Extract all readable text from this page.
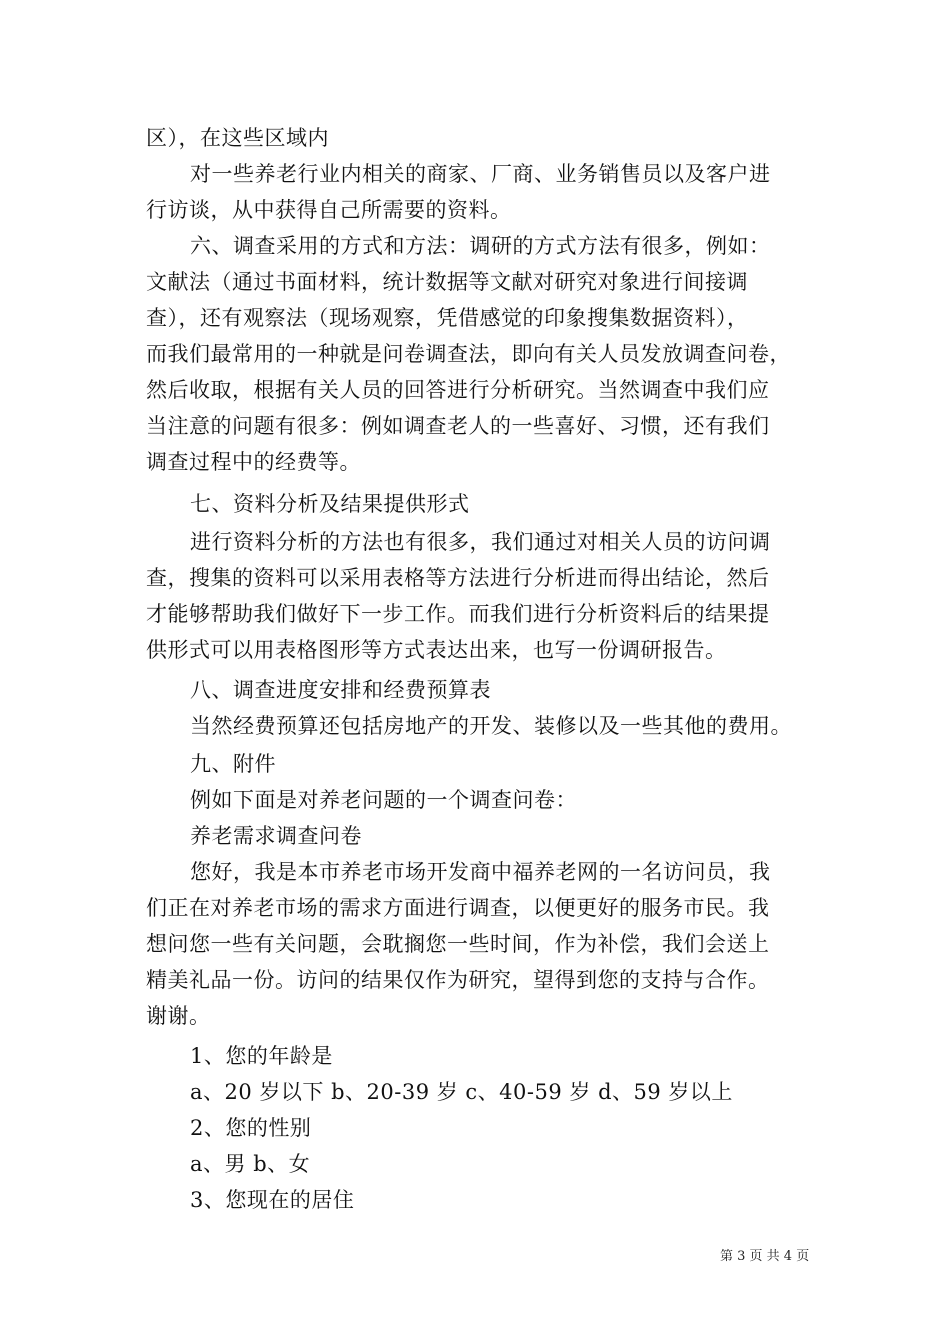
区），在这些区域内
对一些养老行业内相关的商家、厂商、业务销售员以及客户进
行访谈，从中获得自己所需要的资料。
六、调查采用的方式和方法：调研的方式方法有很多，例如：
文献法（通过书面材料，统计数据等文献对研究对象进行间接调
查），还有观察法（现场观察，凭借感觉的印象搜集数据资料），
而我们最常用的一种就是问卷调查法，即向有关人员发放调查问卷，
然后收取，根据有关人员的回答进行分析研究。当然调查中我们应
当注意的问题有很多：例如调查老人的一些喜好、习惯，还有我们
调查过程中的经费等。
七、资料分析及结果提供形式
进行资料分析的方法也有很多，我们通过对相关人员的访问调
查，搜集的资料可以采用表格等方法进行分析进而得出结论，然后
才能够帮助我们做好下一步工作。而我们进行分析资料后的结果提
供形式可以用表格图形等方式表达出来，也写一份调研报告。
八、调查进度安排和经费预算表
当然经费预算还包括房地产的开发、装修以及一些其他的费用。
九、附件
例如下面是对养老问题的一个调查问卷：
养老需求调查问卷
您好，我是本市养老市场开发商中福养老网的一名访问员，我
们正在对养老市场的需求方面进行调查，以便更好的服务市民。我
想问您一些有关问题，会耽搁您一些时间，作为补偿，我们会送上
精美礼品一份。访问的结果仅作为研究，望得到您的支持与合作。
谢谢。
1、您的年龄是
a、20 岁以下 b、20-39 岁 c、40-59 岁 d、59 岁以上
2、您的性别
a、男 b、女
3、您现在的居住
第 3 页 共 4 页
